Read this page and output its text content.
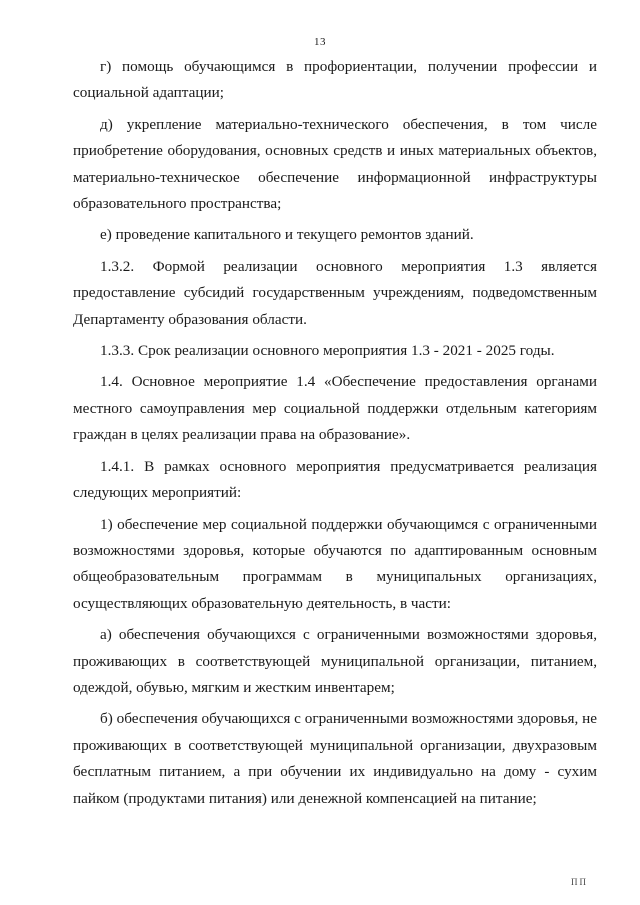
13

г) помощь обучающимся в профориентации, получении профессии и социальной адаптации;

д) укрепление материально-технического обеспечения, в том числе приобретение оборудования, основных средств и иных материальных объектов, материально-техническое обеспечение информационной инфраструктуры образовательного пространства;

е) проведение капитального и текущего ремонтов зданий.

1.3.2. Формой реализации основного мероприятия 1.3 является предоставление субсидий государственным учреждениям, подведомственным Департаменту образования области.

1.3.3. Срок реализации основного мероприятия 1.3 - 2021 - 2025 годы.

1.4. Основное мероприятие 1.4 «Обеспечение предоставления органами местного самоуправления мер социальной поддержки отдельным категориям граждан в целях реализации права на образование».

1.4.1. В рамках основного мероприятия предусматривается реализация следующих мероприятий:

1) обеспечение мер социальной поддержки обучающимся с ограниченными возможностями здоровья, которые обучаются по адаптированным основным общеобразовательным программам в муниципальных организациях, осуществляющих образовательную деятельность, в части:

а) обеспечения обучающихся с ограниченными возможностями здоровья, проживающих в соответствующей муниципальной организации, питанием, одеждой, обувью, мягким и жестким инвентарем;

б) обеспечения обучающихся с ограниченными возможностями здоровья, не проживающих в соответствующей муниципальной организации, двухразовым бесплатным питанием, а при обучении их индивидуально на дому - сухим пайком (продуктами питания) или денежной компенсацией на питание;

ПП
